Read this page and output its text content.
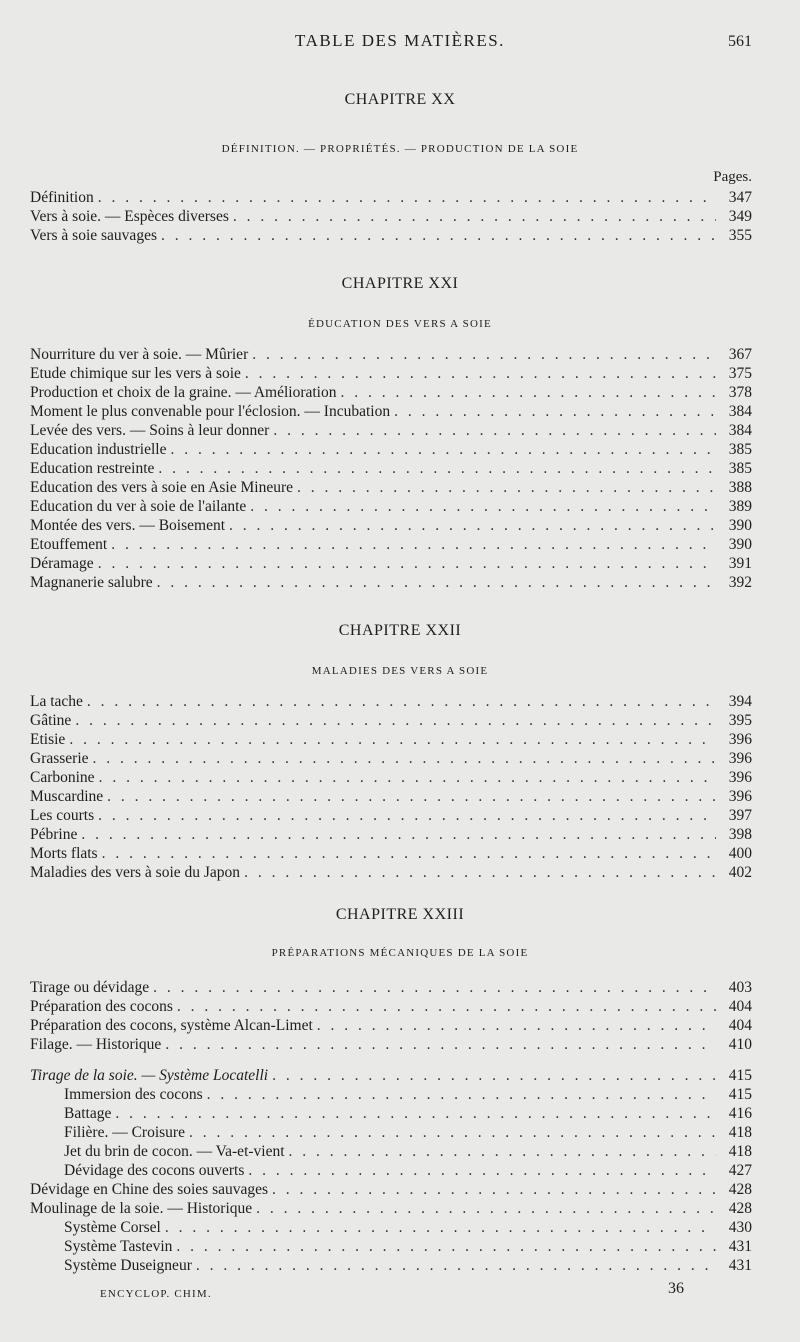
TABLE DES MATIÈRES.	561
CHAPITRE XX
DÉFINITION. — PROPRIÉTÉS. — PRODUCTION DE LA SOIE
Pages.
Définition . . .	347
Vers à soie. — Espèces diverses . . .	349
Vers à soie sauvages . . .	355
CHAPITRE XXI
ÉDUCATION DES VERS A SOIE
Nourriture du ver à soie. — Mûrier . . .	367
Etude chimique sur les vers à soie . . .	375
Production et choix de la graine. — Amélioration . . .	378
Moment le plus convenable pour l'éclosion. — Incubation . . .	384
Levée des vers. — Soins à leur donner . . .	384
Education industrielle . . .	385
Education restreinte . . .	385
Education des vers à soie en Asie Mineure . . .	388
Education du ver à soie de l'ailante . . .	389
Montée des vers. — Boisement . . .	390
Etouffement . . .	390
Déramage . . .	391
Magnanerie salubre . . .	392
CHAPITRE XXII
MALADIES DES VERS A SOIE
La tache . . .	394
Gâtine . . .	395
Etisie . . .	396
Grasserie . . .	396
Carbonine . . .	396
Muscardine . . .	396
Les courts . . .	397
Pébrine . . .	398
Morts flats . . .	400
Maladies des vers à soie du Japon . . .	402
CHAPITRE XXIII
PRÉPARATIONS MÉCANIQUES DE LA SOIE
Tirage ou dévidage . . .	403
Préparation des cocons . . .	404
Préparation des cocons, système Alcan-Limet . . .	404
Filage. — Historique . . .	410
Tirage de la soie. — Système Locatelli . . .	415
Immersion des cocons . . .	415
Battage . . .	416
Filière. — Croisure . . .	418
Jet du brin de cocon. — Va-et-vient . . .	418
Dévidage des cocons ouverts . . .	427
Dévidage en Chine des soies sauvages . . .	428
Moulinage de la soie. — Historique . . .	428
Système Corsel . . .	430
Système Tastevin . . .	431
Système Duseigneur . . .	431
ENCYCLOP. CHIM.	36
